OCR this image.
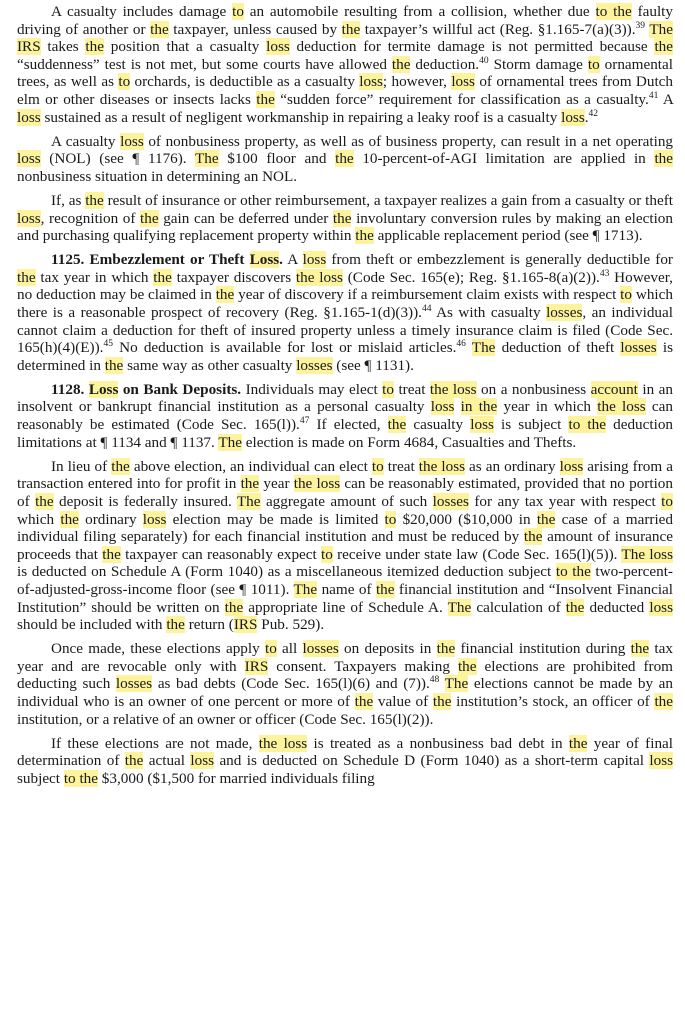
A casualty includes damage to an automobile resulting from a collision, whether due to the faulty driving of another or the taxpayer, unless caused by the taxpayer’s willful act (Reg. §1.165-7(a)(3)).$^{39}$ The IRS takes the position that a casualty loss deduction for termite damage is not permitted because the “suddenness” test is not met, but some courts have allowed the deduction.$^{40}$ Storm damage to ornamental trees, as well as to orchards, is deductible as a casualty loss; however, loss of ornamental trees from Dutch elm or other diseases or insects lacks the “sudden force” requirement for classification as a casualty.$^{41}$ A loss sustained as a result of negligent workmanship in repairing a leaky roof is a casualty loss.$^{42}$

A casualty loss of nonbusiness property, as well as of business property, can result in a net operating loss (NOL) (see ¶ 1176). The $100 floor and the 10-percent-of-AGI limitation are applied in the nonbusiness situation in determining an NOL.

If, as the result of insurance or other reimbursement, a taxpayer realizes a gain from a casualty or theft loss, recognition of the gain can be deferred under the involuntary conversion rules by making an election and purchasing qualifying replacement property within the applicable replacement period (see ¶ 1713).

1125. Embezzlement or Theft Loss. A loss from theft or embezzlement is generally deductible for the tax year in which the taxpayer discovers the loss (Code Sec. 165(e); Reg. §1.165-8(a)(2)).$^{43}$ However, no deduction may be claimed in the year of discovery if a reimbursement claim exists with respect to which there is a reasonable prospect of recovery (Reg. §1.165-1(d)(3)).$^{44}$ As with casualty losses, an individual cannot claim a deduction for theft of insured property unless a timely insurance claim is filed (Code Sec. 165(h)(4)(E)).$^{45}$ No deduction is available for lost or mislaid articles.$^{46}$ The deduction of theft losses is determined in the same way as other casualty losses (see ¶ 1131).

1128. Loss on Bank Deposits. Individuals may elect to treat the loss on a nonbusiness account in an insolvent or bankrupt financial institution as a personal casualty loss in the year in which the loss can reasonably be estimated (Code Sec. 165(l)).$^{47}$ If elected, the casualty loss is subject to the deduction limitations at ¶ 1134 and ¶ 1137. The election is made on Form 4684, Casualties and Thefts.

In lieu of the above election, an individual can elect to treat the loss as an ordinary loss arising from a transaction entered into for profit in the year the loss can be reasonably estimated, provided that no portion of the deposit is federally insured. The aggregate amount of such losses for any tax year with respect to which the ordinary loss election may be made is limited to $20,000 ($10,000 in the case of a married individual filing separately) for each financial institution and must be reduced by the amount of insurance proceeds that the taxpayer can reasonably expect to receive under state law (Code Sec. 165(l)(5)). The loss is deducted on Schedule A (Form 1040) as a miscellaneous itemized deduction subject to the two-percent-of-adjusted-gross-income floor (see ¶ 1011). The name of the financial institution and “Insolvent Financial Institution” should be written on the appropriate line of Schedule A. The calculation of the deducted loss should be included with the return (IRS Pub. 529).

Once made, these elections apply to all losses on deposits in the financial institution during the tax year and are revocable only with IRS consent. Taxpayers making the elections are prohibited from deducting such losses as bad debts (Code Sec. 165(l)(6) and (7)).$^{48}$ The elections cannot be made by an individual who is an owner of one percent or more of the value of the institution’s stock, an officer of the institution, or a relative of an owner or officer (Code Sec. 165(l)(2)).

If these elections are not made, the loss is treated as a nonbusiness bad debt in the year of final determination of the actual loss and is deducted on Schedule D (Form 1040) as a short-term capital loss subject to the $3,000 ($1,500 for married individuals filing
